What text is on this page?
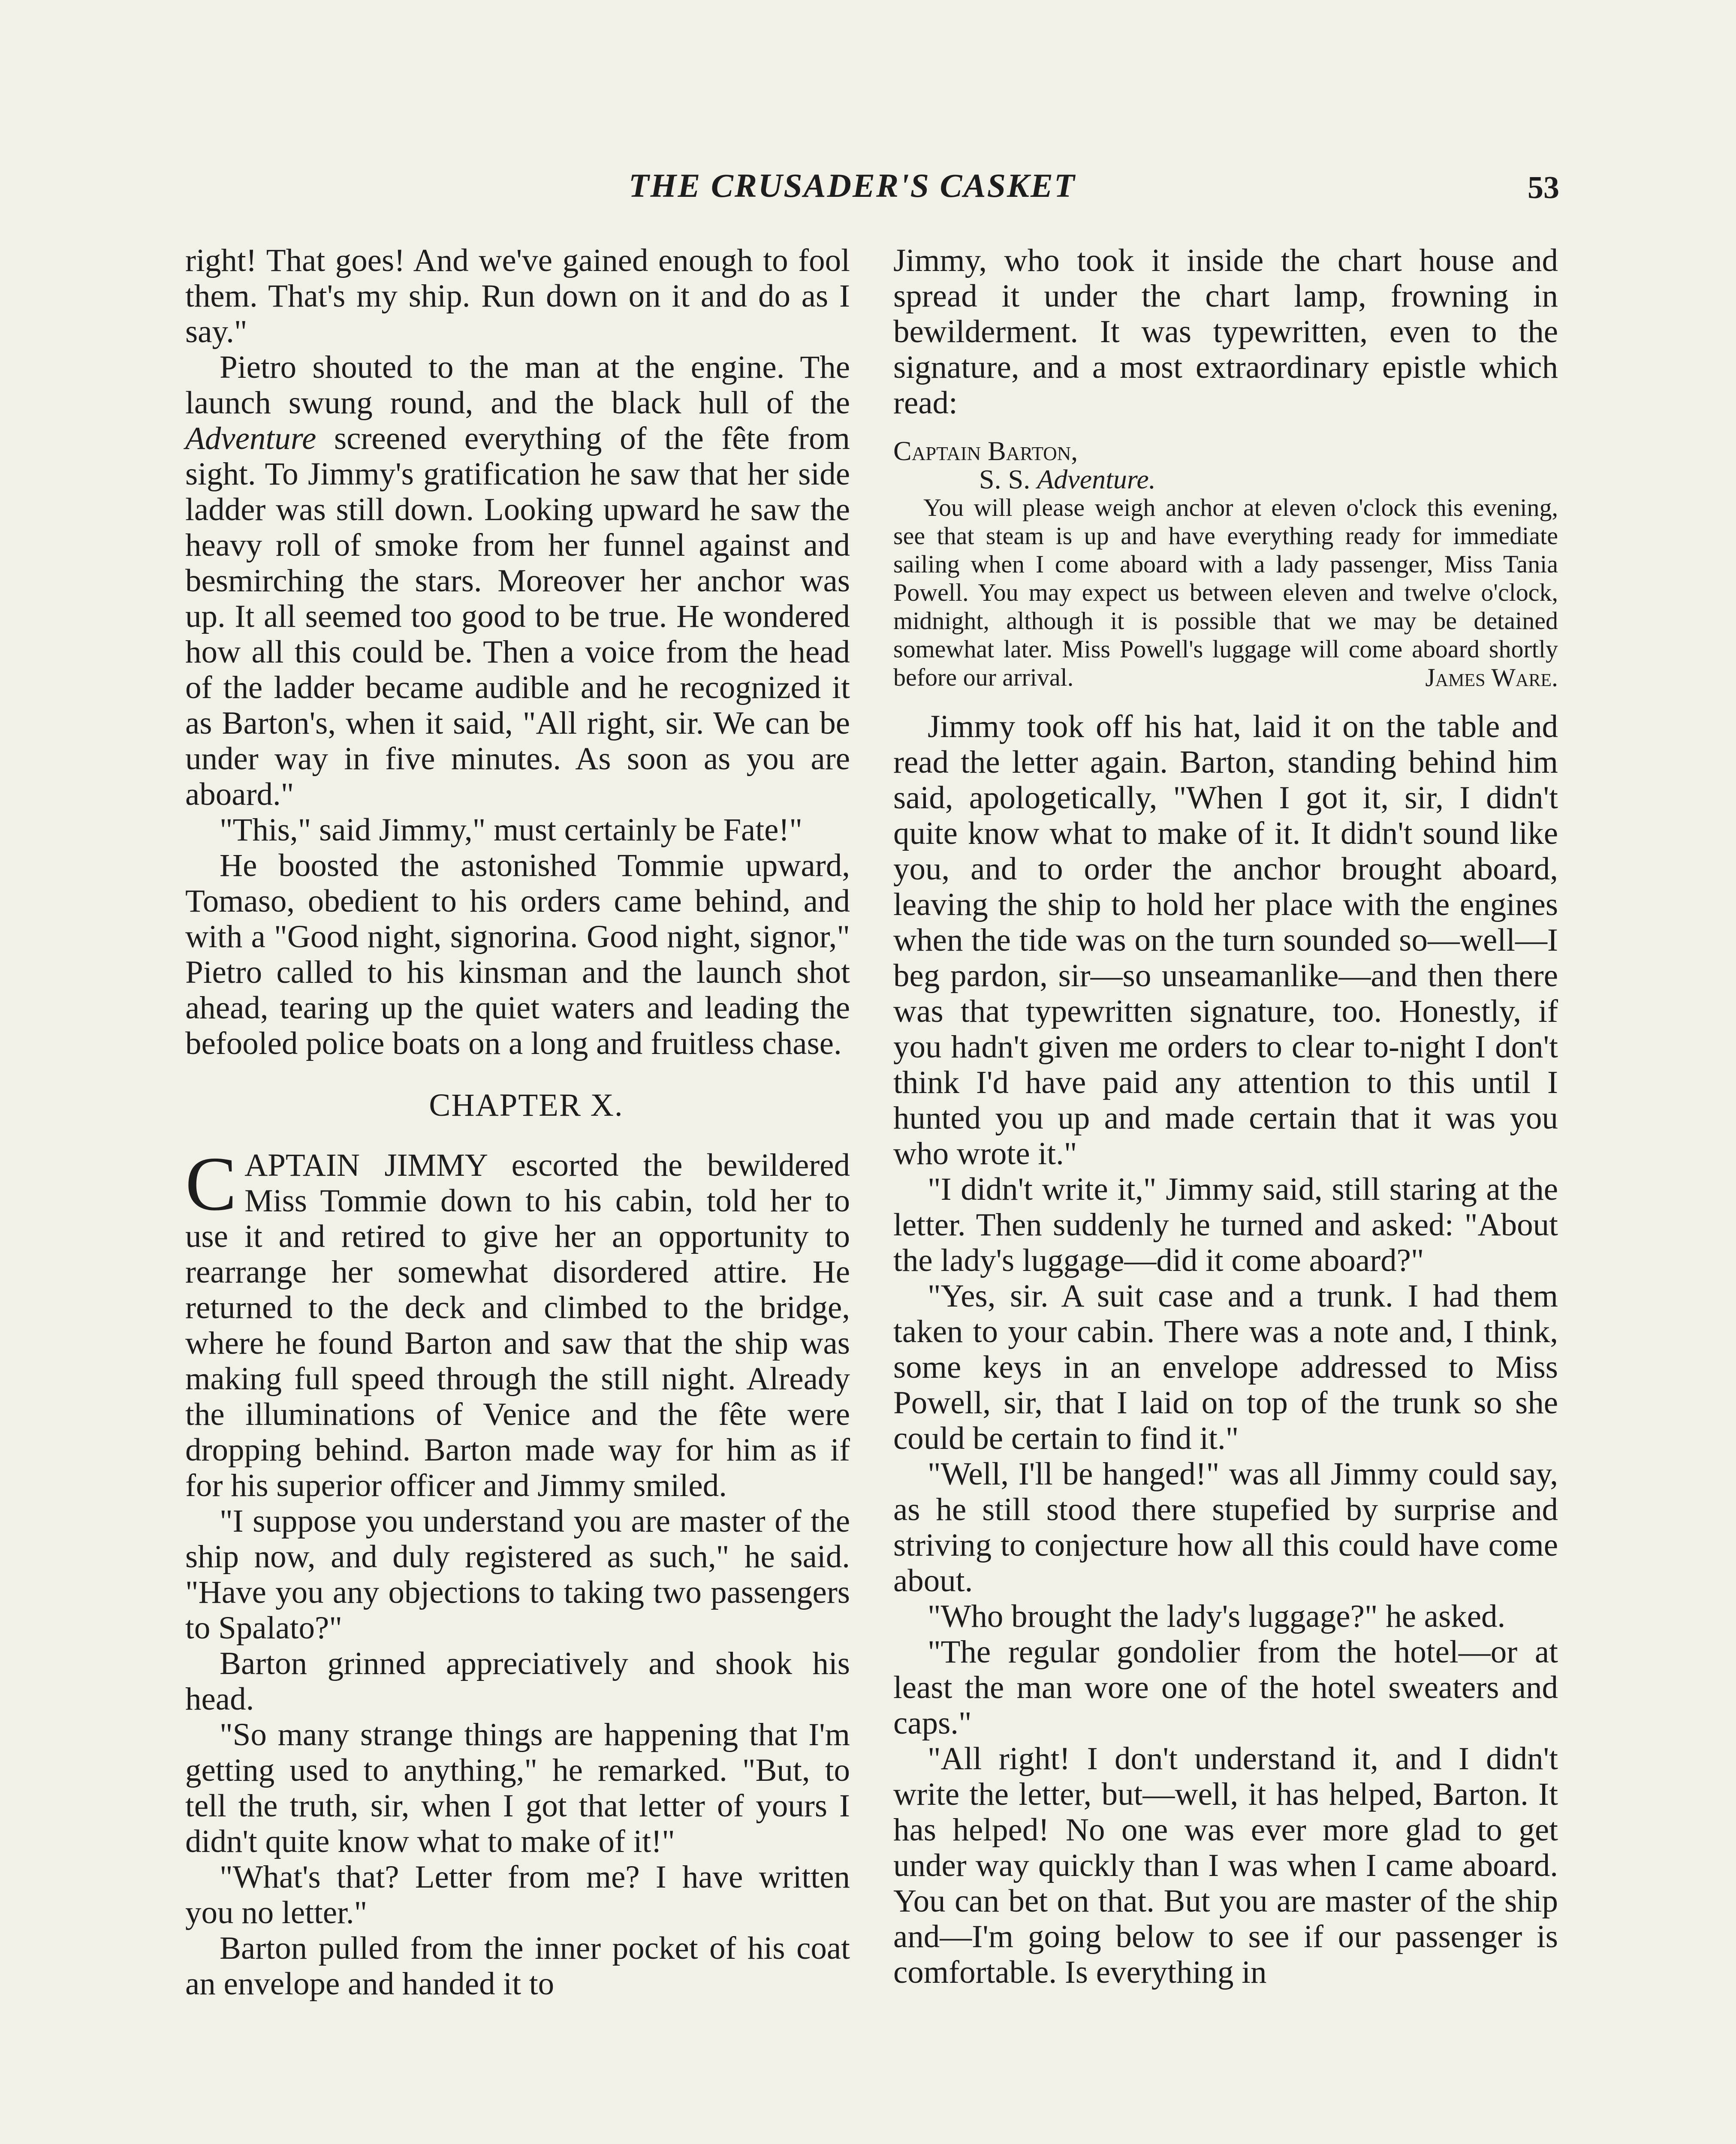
THE CRUSADER'S CASKET	53

right! That goes! And we've gained enough to fool them. That's my ship. Run down on it and do as I say."

Pietro shouted to the man at the engine. The launch swung round, and the black hull of the Adventure screened everything of the fête from sight. To Jimmy's gratification he saw that her side ladder was still down. Looking upward he saw the heavy roll of smoke from her funnel against and besmirching the stars. Moreover her anchor was up. It all seemed too good to be true. He wondered how all this could be. Then a voice from the head of the ladder became audible and he recognized it as Barton's, when it said, "All right, sir. We can be under way in five minutes. As soon as you are aboard."

"This," said Jimmy," must certainly be Fate!"

He boosted the astonished Tommie upward, Tomaso, obedient to his orders came behind, and with a "Good night, signorina. Good night, signor," Pietro called to his kinsman and the launch shot ahead, tearing up the quiet waters and leading the befooled police boats on a long and fruitless chase.

CHAPTER X.

CAPTAIN JIMMY escorted the bewildered Miss Tommie down to his cabin, told her to use it and retired to give her an opportunity to rearrange her somewhat disordered attire. He returned to the deck and climbed to the bridge, where he found Barton and saw that the ship was making full speed through the still night. Already the illuminations of Venice and the fête were dropping behind. Barton made way for him as if for his superior officer and Jimmy smiled.

"I suppose you understand you are master of the ship now, and duly registered as such," he said. "Have you any objections to taking two passengers to Spalato?"

Barton grinned appreciatively and shook his head.

"So many strange things are happening that I'm getting used to anything," he remarked. "But, to tell the truth, sir, when I got that letter of yours I didn't quite know what to make of it!"

"What's that? Letter from me? I have written you no letter."

Barton pulled from the inner pocket of his coat an envelope and handed it to

Jimmy, who took it inside the chart house and spread it under the chart lamp, frowning in bewilderment. It was typewritten, even to the signature, and a most extraordinary epistle which read:

Captain Barton,
S. S. Adventure.

You will please weigh anchor at eleven o'clock this evening, see that steam is up and have everything ready for immediate sailing when I come aboard with a lady passenger, Miss Tania Powell. You may expect us between eleven and twelve o'clock, midnight, although it is possible that we may be detained somewhat later. Miss Powell's luggage will come aboard shortly before our arrival.	James Ware.

Jimmy took off his hat, laid it on the table and read the letter again. Barton, standing behind him said, apologetically, "When I got it, sir, I didn't quite know what to make of it. It didn't sound like you, and to order the anchor brought aboard, leaving the ship to hold her place with the engines when the tide was on the turn sounded so—well—I beg pardon, sir—so unseamanlike—and then there was that typewritten signature, too. Honestly, if you hadn't given me orders to clear to-night I don't think I'd have paid any attention to this until I hunted you up and made certain that it was you who wrote it."

"I didn't write it," Jimmy said, still staring at the letter. Then suddenly he turned and asked: "About the lady's luggage—did it come aboard?"

"Yes, sir. A suit case and a trunk. I had them taken to your cabin. There was a note and, I think, some keys in an envelope addressed to Miss Powell, sir, that I laid on top of the trunk so she could be certain to find it."

"Well, I'll be hanged!" was all Jimmy could say, as he still stood there stupefied by surprise and striving to conjecture how all this could have come about.

"Who brought the lady's luggage?" he asked.

"The regular gondolier from the hotel—or at least the man wore one of the hotel sweaters and caps."

"All right! I don't understand it, and I didn't write the letter, but—well, it has helped, Barton. It has helped! No one was ever more glad to get under way quickly than I was when I came aboard. You can bet on that. But you are master of the ship and—I'm going below to see if our passenger is comfortable. Is everything in
